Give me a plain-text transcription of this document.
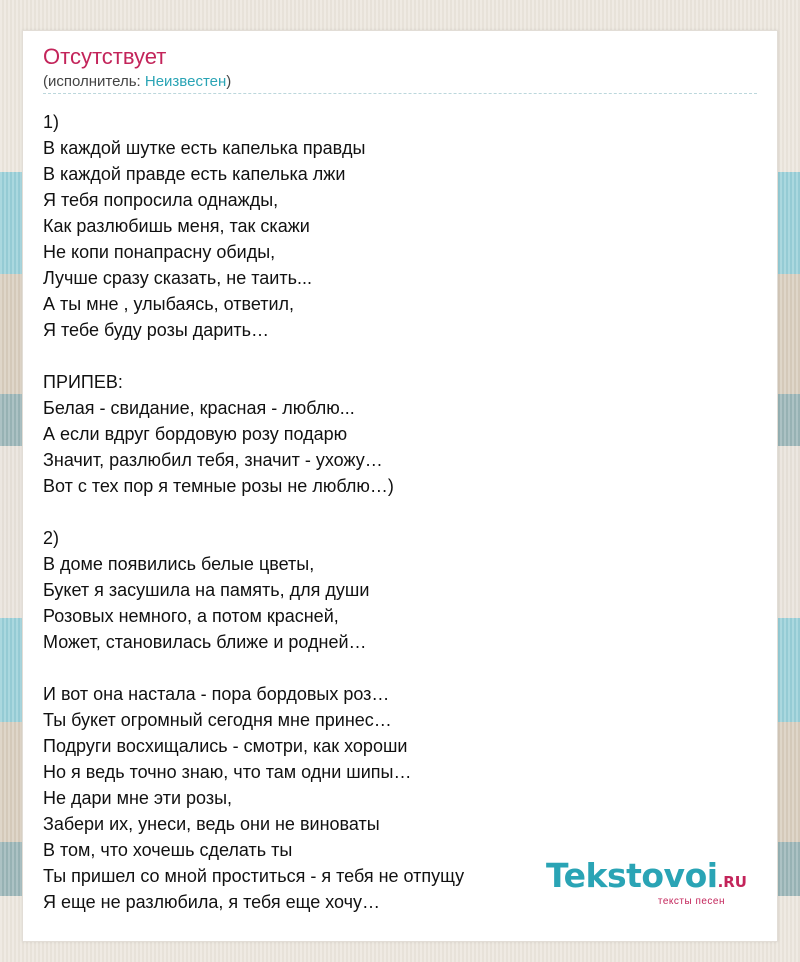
Отсутствует
(исполнитель: Неизвестен)
1)
В каждой шутке есть капелька правды
В каждой правде есть капелька лжи
Я тебя попросила однажды,
Как разлюбишь меня, так скажи
Не копи понапрасну обиды,
Лучше сразу сказать, не таить...
А ты мне , улыбаясь, ответил,
Я тебе буду розы дарить…
ПРИПЕВ:
Белая - свидание, красная - люблю...
А если вдруг бордовую розу подарю
Значит, разлюбил тебя, значит - ухожу…
Вот с тех пор я темные розы не люблю…)
2)
В доме появились белые цветы,
Букет я засушила на память, для души
Розовых немного, а потом красней,
Может, становилась ближе и родней…
И вот она настала - пора бордовых роз…
Ты букет огромный сегодня мне принес…
Подруги восхищались - смотри, как хороши
Но я ведь точно знаю, что там одни шипы…
Не дари мне эти розы,
Забери их, унеси, ведь они не виноваты
В том, что хочешь сделать ты
Ты пришел со мной проститься - я тебя не отпущу
Я еще не разлюбила, я тебя еще хочу…
Tekstovoi.RU
тексты песен
